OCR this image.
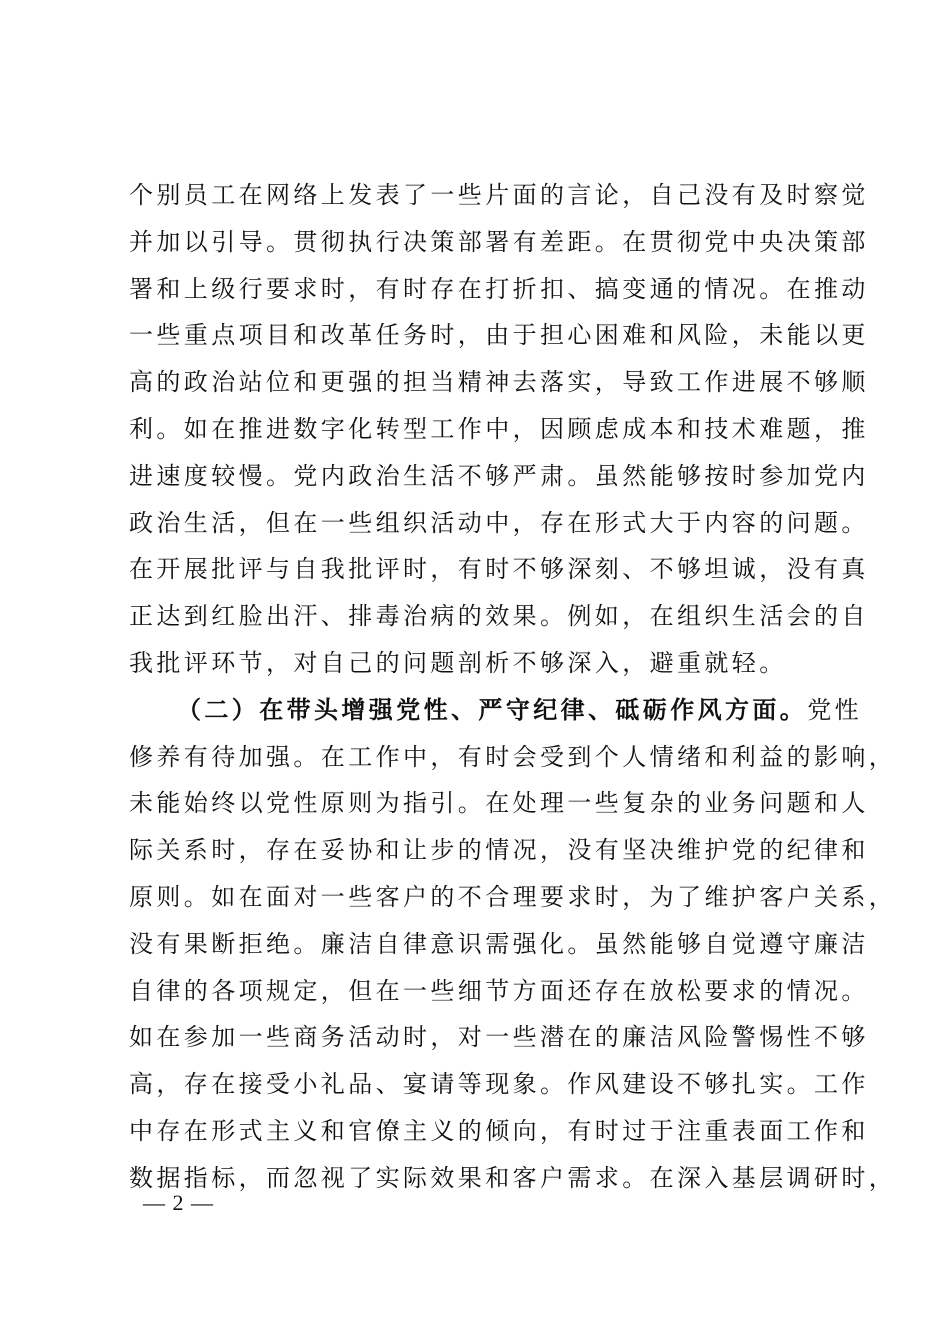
个别员工在网络上发表了一些片面的言论，自己没有及时察觉
并加以引导。贯彻执行决策部署有差距。在贯彻党中央决策部
署和上级行要求时，有时存在打折扣、搞变通的情况。在推动
一些重点项目和改革任务时，由于担心困难和风险，未能以更
高的政治站位和更强的担当精神去落实，导致工作进展不够顺
利。如在推进数字化转型工作中，因顾虑成本和技术难题，推
进速度较慢。党内政治生活不够严肃。虽然能够按时参加党内
政治生活，但在一些组织活动中，存在形式大于内容的问题。
在开展批评与自我批评时，有时不够深刻、不够坦诚，没有真
正达到红脸出汗、排毒治病的效果。例如，在组织生活会的自
我批评环节，对自己的问题剖析不够深入，避重就轻。
（二）在带头增强党性、严守纪律、砥砺作风方面。党性
修养有待加强。在工作中，有时会受到个人情绪和利益的影响，
未能始终以党性原则为指引。在处理一些复杂的业务问题和人
际关系时，存在妥协和让步的情况，没有坚决维护党的纪律和
原则。如在面对一些客户的不合理要求时，为了维护客户关系，
没有果断拒绝。廉洁自律意识需强化。虽然能够自觉遵守廉洁
自律的各项规定，但在一些细节方面还存在放松要求的情况。
如在参加一些商务活动时，对一些潜在的廉洁风险警惕性不够
高，存在接受小礼品、宴请等现象。作风建设不够扎实。工作
中存在形式主义和官僚主义的倾向，有时过于注重表面工作和
数据指标，而忽视了实际效果和客户需求。在深入基层调研时，
— 2 —
